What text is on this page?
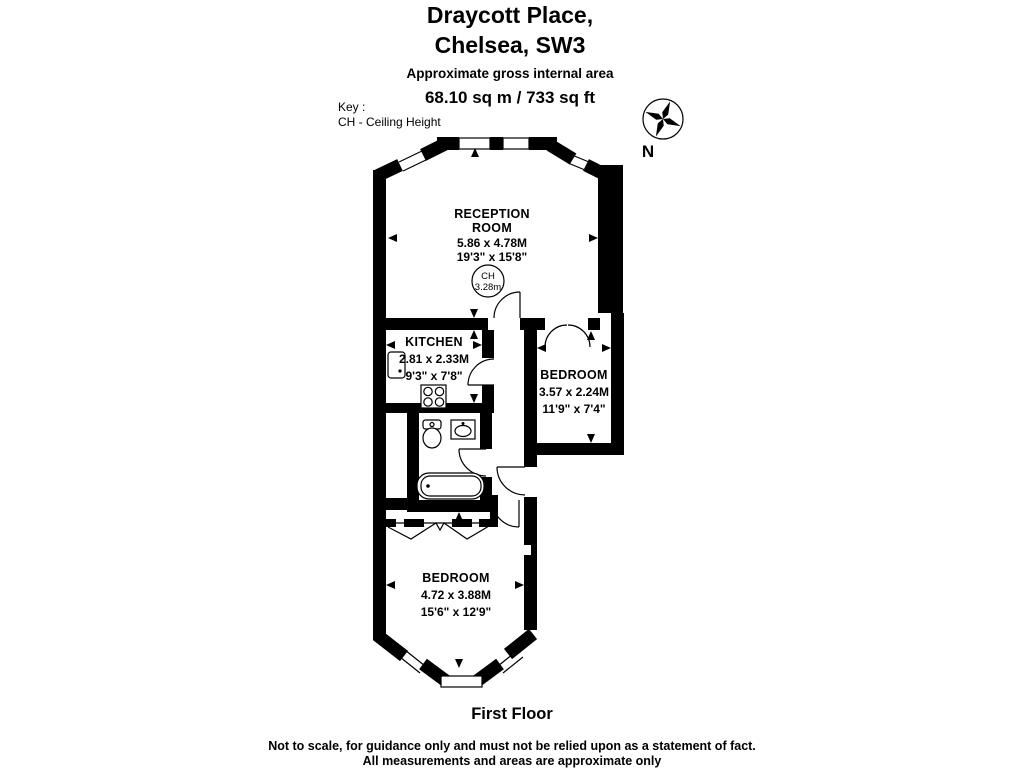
Draycott Place,
Chelsea, SW3
Approximate gross internal area
68.10 sq m / 733 sq ft
Key :
CH - Ceiling Height
N
RECEPTION
ROOM
5.86 x 4.78M
19'3" x 15'8"
CH
3.28m
KITCHEN
2.81 x 2.33M
9'3" x 7'8"	BEDROOM
3.57 x 2.24M
11'9" x 7'4"
BEDROOM
4.72 x 3.88M
15'6" x 12'9"
First Floor
Not to scale, for guidance only and must not be relied upon as a statement of fact.
All measurements and areas are approximate only
